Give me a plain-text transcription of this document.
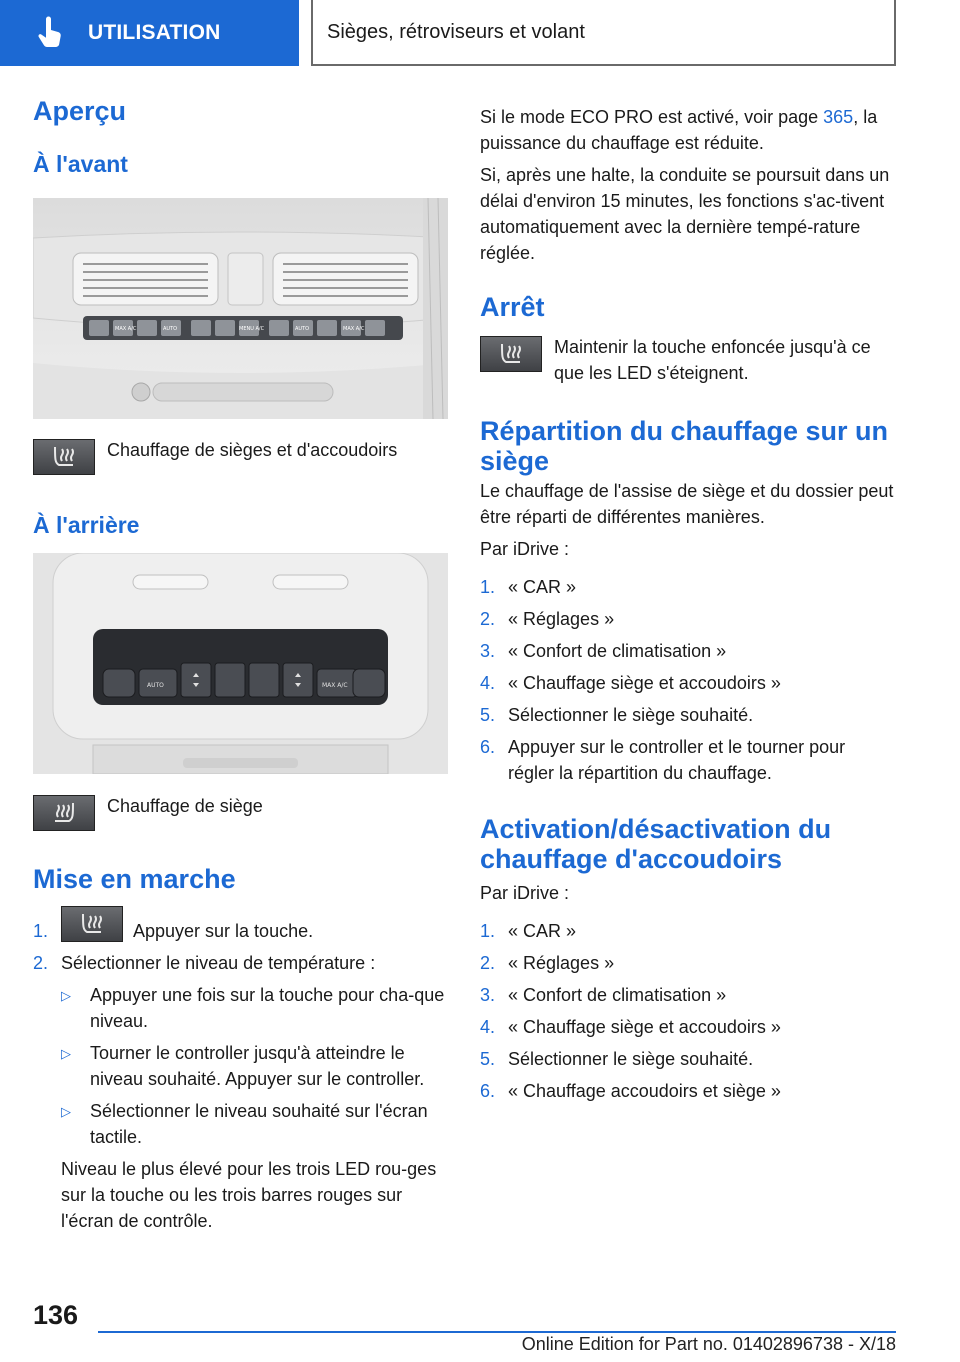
UTILISATION	Sièges, rétroviseurs et volant
Aperçu
À l'avant
MAX A/C	AUTO	MENU A/C	AUTO	MAX A/C
Chauffage de sièges et d'accoudoirs
À l'arrière
AUTO	MAX A/C
Chauffage de siège
Mise en marche
1.	Appuyer sur la touche.
2. Sélectionner le niveau de température :
▷	Appuyer une fois sur la touche pour cha-que niveau.
▷	Tourner le controller jusqu'à atteindre le niveau souhaité. Appuyer sur le controller.
▷	Sélectionner le niveau souhaité sur l'écran tactile.

Niveau le plus élevé pour les trois LED rou-ges sur la touche ou les trois barres rouges sur l'écran de contrôle.

Si le mode ECO PRO est activé, voir page 365, la puissance du chauffage est réduite.

Si, après une halte, la conduite se poursuit dans un délai d'environ 15 minutes, les fonctions s'ac-tivent automatiquement avec la dernière tempé-rature réglée.

Arrêt
Maintenir la touche enfoncée jusqu'à ce que les LED s'éteignent.
Répartition du chauffage sur un siège

Le chauffage de l'assise de siège et du dossier peut être réparti de différentes manières.

Par iDrive :

1. « CAR »
2. « Réglages »
3. « Confort de climatisation »
4. « Chauffage siège et accoudoirs »
5. Sélectionner le siège souhaité.
6. Appuyer sur le controller et le tourner pour régler la répartition du chauffage.
Activation/désactivation du chauffage d'accoudoirs

Par iDrive :

1. « CAR »
2. « Réglages »
3. « Confort de climatisation »
4. « Chauffage siège et accoudoirs »
5. Sélectionner le siège souhaité.
6. « Chauffage accoudoirs et siège »
136
Online Edition for Part no. 01402896738 - X/18
